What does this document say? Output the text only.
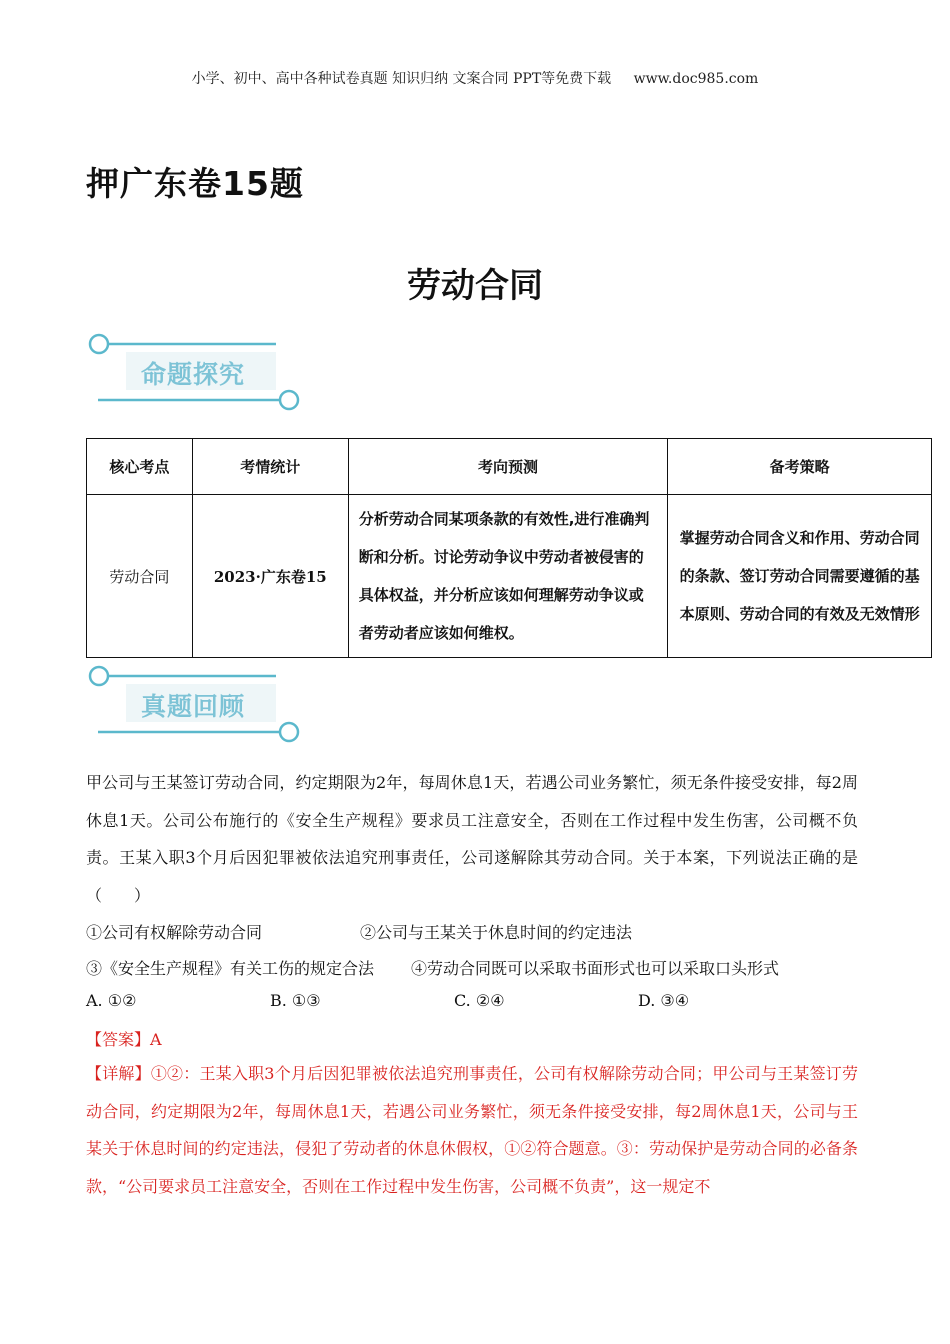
小学、初中、高中各种试卷真题 知识归纳 文案合同 PPT等免费下载 www.doc985.com
押广东卷15题
劳动合同
命题探究
核心考点	考情统计	考向预测	备考策略
劳动合同	2023·广东卷15	分析劳动合同某项条款的有效性,进行准确判断和分析。讨论劳动争议中劳动者被侵害的具体权益，并分析应该如何理解劳动争议或者劳动者应该如何维权。	掌握劳动合同含义和作用、劳动合同的条款、签订劳动合同需要遵循的基本原则、劳动合同的有效及无效情形
真题回顾

甲公司与王某签订劳动合同，约定期限为2年，每周休息1天，若遇公司业务繁忙，须无条件接受安排，每2周休息1天。公司公布施行的《安全生产规程》要求员工注意安全，否则在工作过程中发生伤害，公司概不负责。王某入职3个月后因犯罪被依法追究刑事责任，公司遂解除其劳动合同。关于本案，下列说法正确的是（　　）

①公司有权解除劳动合同	②公司与王某关于休息时间的约定违法
③《安全生产规程》有关工伤的规定合法 ④劳动合同既可以采取书面形式也可以采取口头形式
A. ①②	B. ①③	C. ②④	D. ③④
【答案】A

【详解】①②：王某入职3个月后因犯罪被依法追究刑事责任，公司有权解除劳动合同；甲公司与王某签订劳动合同，约定期限为2年，每周休息1天，若遇公司业务繁忙，须无条件接受安排，每2周休息1天，公司与王某关于休息时间的约定违法，侵犯了劳动者的休息休假权，①②符合题意。③：劳动保护是劳动合同的必备条款，“公司要求员工注意安全，否则在工作过程中发生伤害，公司概不负责”，这一规定不
